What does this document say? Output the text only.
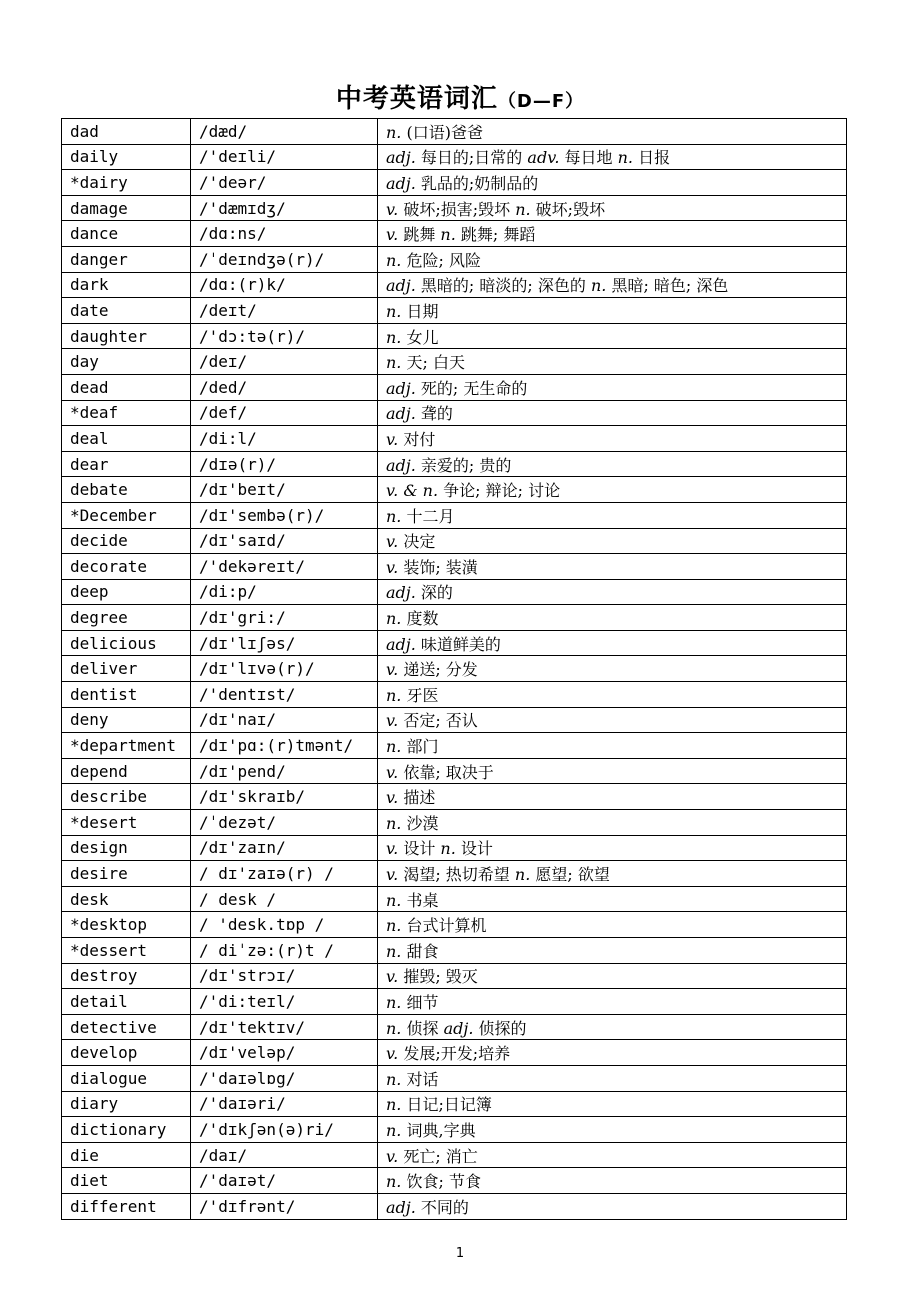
中考英语词汇（D—F）
dad	/dæd/	n. (口语)爸爸
daily	/'deɪli/	adj. 每日的;日常的 adv. 每日地 n. 日报
*dairy	/'deər/	adj. 乳品的;奶制品的
damage	/'dæmɪdʒ/	v. 破坏;损害;毁坏 n. 破坏;毁坏
dance	/dɑ:ns/	v. 跳舞 n. 跳舞; 舞蹈
danger	/ˈdeɪndʒə(r)/	n. 危险; 风险
dark	/dɑ:(r)k/	adj. 黑暗的; 暗淡的; 深色的 n. 黑暗; 暗色; 深色
date	/deɪt/	n. 日期
daughter	/'dɔ:tə(r)/	n. 女儿
day	/deɪ/	n. 天; 白天
dead	/ded/	adj. 死的; 无生命的
*deaf	/def/	adj. 聋的
deal	/di:l/	v. 对付
dear	/dɪə(r)/	adj. 亲爱的; 贵的
debate	/dɪ'beɪt/	v. & n. 争论; 辩论; 讨论
*December	/dɪ'sembə(r)/	n. 十二月
decide	/dɪ'saɪd/	v. 决定
decorate	/'dekəreɪt/	v. 装饰; 装潢
deep	/di:p/	adj. 深的
degree	/dɪ'gri:/	n. 度数
delicious	/dɪ'lɪʃəs/	adj. 味道鲜美的
deliver	/dɪ'lɪvə(r)/	v. 递送; 分发
dentist	/'dentɪst/	n. 牙医
deny	/dɪ'naɪ/	v. 否定; 否认
*department	/dɪ'pɑ:(r)tmənt/	n. 部门
depend	/dɪ'pend/	v. 依靠; 取决于
describe	/dɪ'skraɪb/	v. 描述
*desert	/ˈdezət/	n. 沙漠
design	/dɪ'zaɪn/	v. 设计 n. 设计
desire	/ dɪ'zaɪə(r) /	v. 渴望; 热切希望 n. 愿望; 欲望
desk	/ desk /	n. 书桌
*desktop	/ 'desk.tɒp /	n. 台式计算机
*dessert	/ diˈzə:(r)t /	n. 甜食
destroy	/dɪ'strɔɪ/	v. 摧毁; 毁灭
detail	/'di:teɪl/	n. 细节
detective	/dɪ'tektɪv/	n. 侦探 adj. 侦探的
develop	/dɪ'veləp/	v. 发展;开发;培养
dialogue	/'daɪəlɒg/	n. 对话
diary	/'daɪəri/	n. 日记;日记簿
dictionary	/'dɪkʃən(ə)ri/	n. 词典,字典
die	/daɪ/	v. 死亡; 消亡
diet	/'daɪət/	n. 饮食; 节食
different	/'dɪfrənt/	adj. 不同的
1
